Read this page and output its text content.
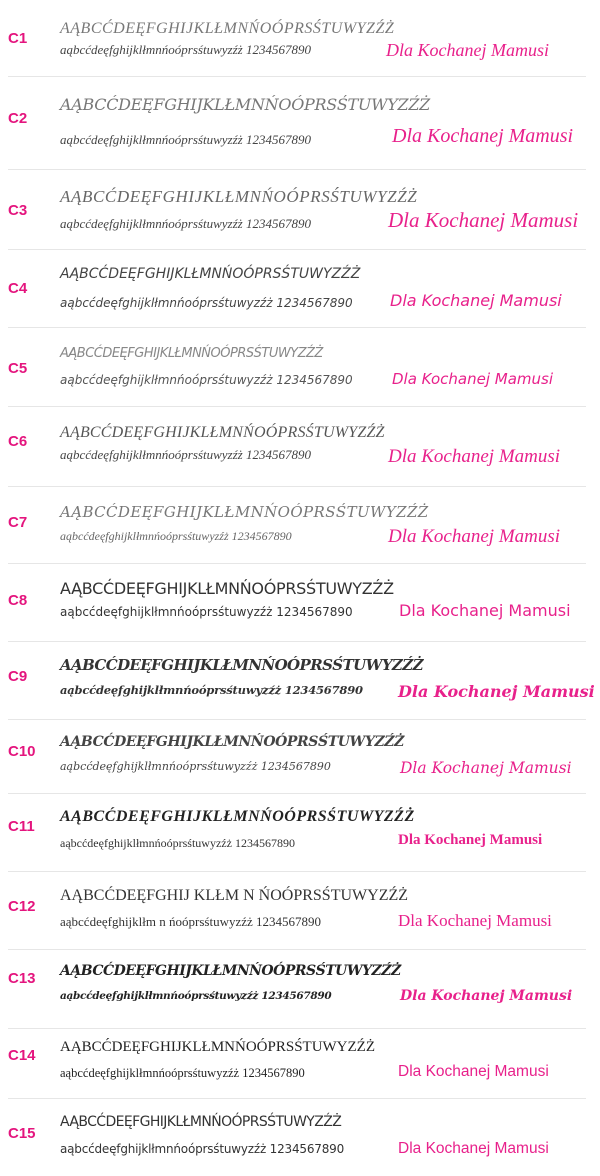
C1
AĄBCĆDEĘFGHIJKLŁMNŃOÓPRSŚTUWYZŹŻ
aąbcćdeęfghijklłmnńoóprsśtuwyzźż 1234567890	Dla Kochanej Mamusi
C2
AĄBCĆDEĘFGHIJKLŁMNŃOÓPRSŚTUWYZŹŻ
aąbcćdeęfghijklłmnńoóprsśtuwyzźż 1234567890	Dla Kochanej Mamusi
C3
AĄBCĆDEĘFGHIJKLŁMNŃOÓPRSŚTUWYZŹŻ
aąbcćdeęfghijklłmnńoóprsśtuwyzźż 1234567890	Dla Kochanej Mamusi
C4
AĄBCĆDEĘFGHIJKLŁMNŃOÓPRSŚTUWYZŹŻ
aąbcćdeęfghijklłmnńoóprsśtuwyzźż 1234567890 Dla Kochanej Mamusi
C5
AĄBCĆDEĘFGHIJKLŁMNŃOÓPRSŚTUWYZŹŻ
aąbcćdeęfghijklłmnńoóprsśtuwyzźż 1234567890	Dla Kochanej Mamusi
C6
AĄBCĆDEĘFGHIJKLŁMNŃOÓPRSŚTUWYZŹŻ
aąbcćdeęfghijklłmnńoóprsśtuwyzźż 1234567890	Dla Kochanej Mamusi
C7
AĄBCĆDEĘFGHIJKLŁMNŃOÓPRSŚTUWYZŹŻ
aąbcćdeęfghijklłmnńoóprsśtuwyzźż 1234567890	Dla Kochanej Mamusi
C8
AĄBCĆDEĘFGHIJKLŁMNŃOÓPRSŚTUWYZŹŻ
aąbcćdeęfghijklłmnńoóprsśtuwyzźż 1234567890	Dla Kochanej Mamusi
C9
AĄBCĆDEĘFGHIJKLŁMNŃOÓPRSŚTUWYZŹŻ
aąbcćdeęfghijklłmnńoóprsśtuwyzźż 1234567890 Dla Kochanej Mamusi
C10
AĄBCĆDEĘFGHIJKLŁMNŃOÓPRSŚTUWYZŹŻ
aąbcćdeęfghijklłmnńoóprsśtuwyzźż 1234567890	Dla Kochanej Mamusi
C11
AĄBCĆDEĘFGHIJKLŁMNŃOÓPRSŚTUWYZŹŻ
aąbcćdeęfghijklłmnńoóprsśtuwyzźż 1234567890	Dla Kochanej Mamusi
C12
AĄBCĆDEĘFGHIJ KLŁM N ŃOÓPRSŚTUWYZŹŻ
aąbcćdeęfghijklłm n ńoóprsśtuwyzźż 1234567890	Dla Kochanej Mamusi
C13 AĄBCĆDEĘFGHIJKLŁMNŃOÓPRSŚTUWYZŹŻ
aąbcćdeęfghijklłmnńoóprsśtuwyzźż 1234567890	Dla Kochanej Mamusi
C14 AĄBCĆDEĘFGHIJKLŁMNŃOÓPRSŚTUWYZŹŻ
aąbcćdeęfghijklłmnńoóprsśtuwyzźż 1234567890	Dla Kochanej Mamusi
C15
AĄBCĆDEĘFGHIJKLŁMNŃOÓPRSŚTUWYZŹŻ
aąbcćdeęfghijklłmnńoóprsśtuwyzźż 1234567890	Dla Kochanej Mamusi
